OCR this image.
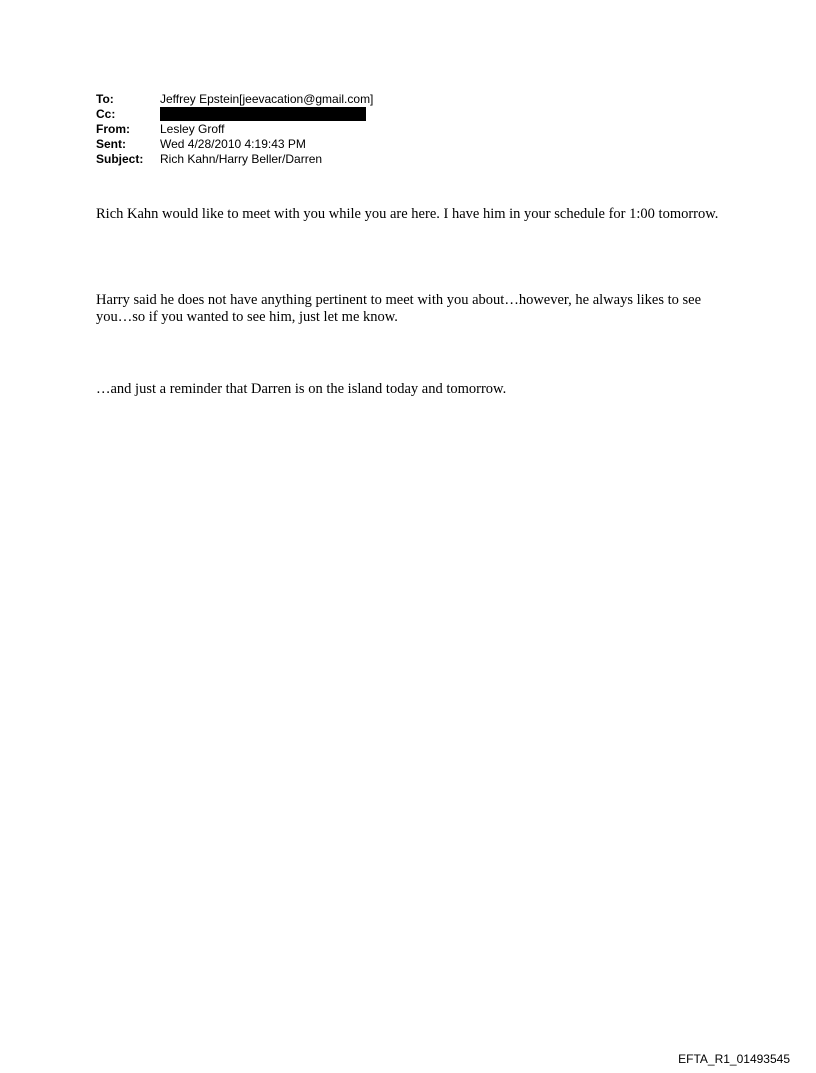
To:	Jeffrey Epstein[jeevacation@gmail.com]
Cc:
From:	Lesley Groff
Sent:	Wed 4/28/2010 4:19:43 PM
Subject:	Rich Kahn/Harry Beller/Darren

Rich Kahn would like to meet with you while you are here. I have him in your schedule for 1:00 tomorrow.

Harry said he does not have anything pertinent to meet with you about…however, he always likes to see you…so if you wanted to see him, just let me know.

…and just a reminder that Darren is on the island today and tomorrow.

EFTA_R1_01493545
